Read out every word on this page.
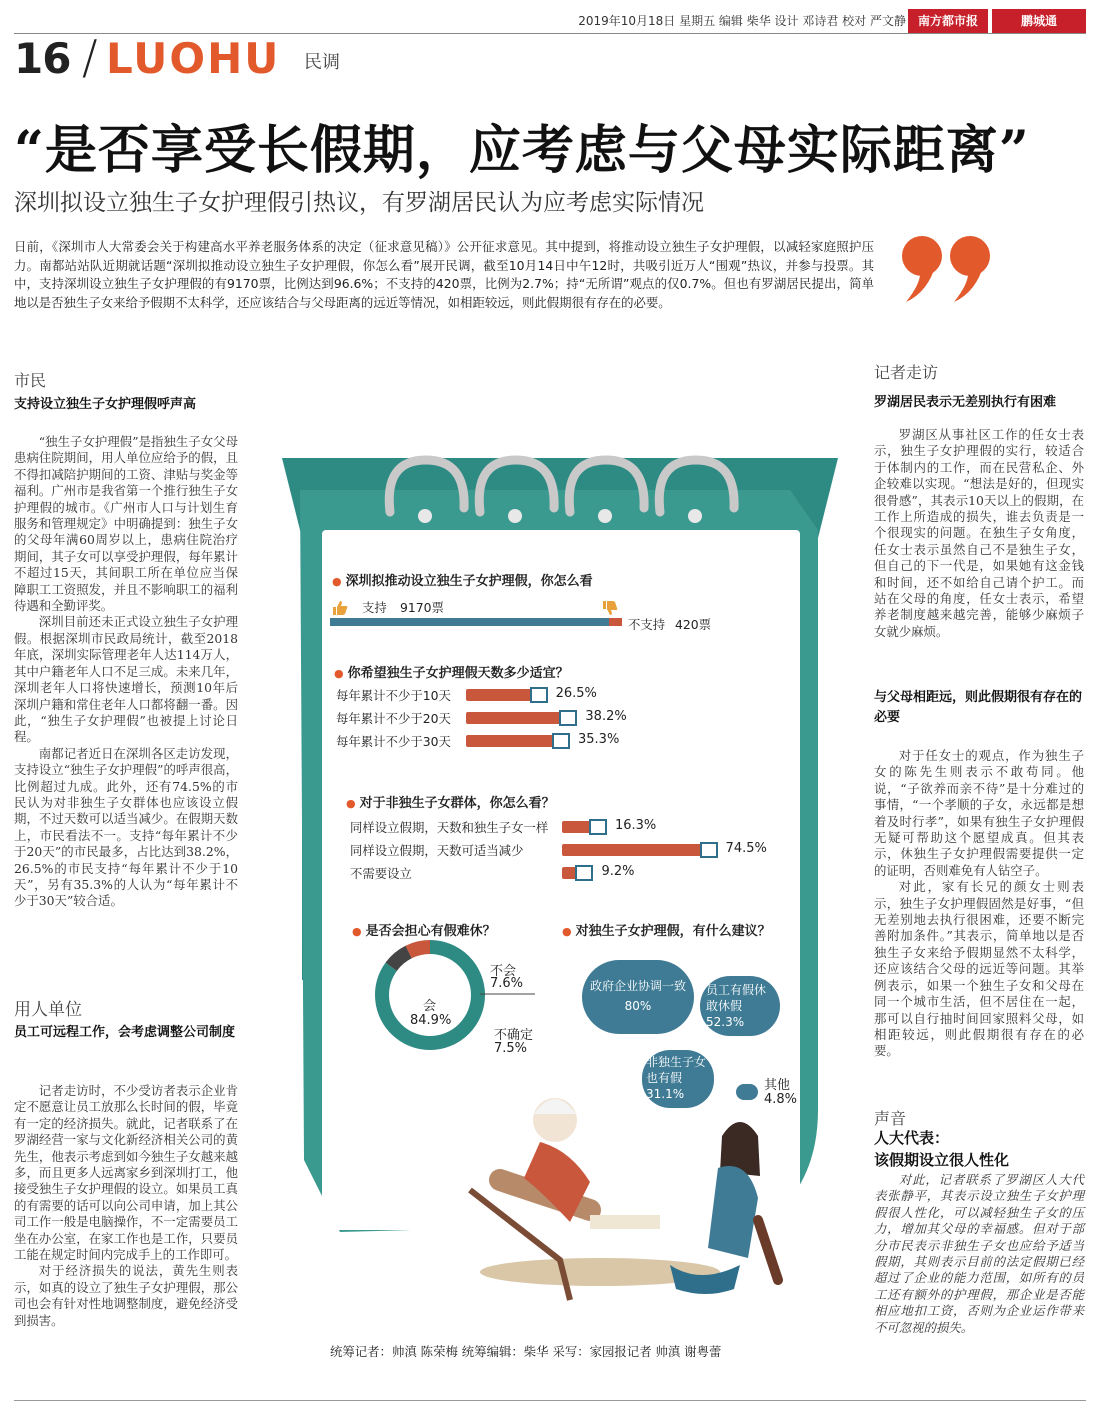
2019年10月18日 星期五 编辑 柴华 设计 邓诗君 校对 严文静 南方都市报	鹏城通
16 / LUOHU 民调
“是否享受长假期，应考虑与父母实际距离”
深圳拟设立独生子女护理假引热议，有罗湖居民认为应考虑实际情况

日前，《深圳市人大常委会关于构建高水平养老服务体系的决定（征求意见稿）》公开征求意见。其中提到，将推动设立独生子女护理假，以减轻家庭照护压力。南都站站队近期就话题“深圳拟推动设立独生子女护理假，你怎么看”展开民调，截至10月14日中午12时，共吸引近万人“围观”热议，并参与投票。其中，支持深圳设立独生子女护理假的有9170票，比例达到96.6%；不支持的420票，比例为2.7%；持“无所谓”观点的仅0.7%。但也有罗湖居民提出，简单地以是否独生子女来给予假期不太科学，还应该结合与父母距离的远近等情况，如相距较远，则此假期很有存在的必要。

市民
支持设立独生子女护理假呼声高

“独生子女护理假”是指独生子女父母患病住院期间，用人单位应给予的假，且不得扣减陪护期间的工资、津贴与奖金等福利。广州市是我省第一个推行独生子女护理假的城市。《广州市人口与计划生育服务和管理规定》中明确提到：独生子女的父母年满60周岁以上，患病住院治疗期间，其子女可以享受护理假，每年累计不超过15天，其间职工所在单位应当保障职工工资照发，并且不影响职工的福利待遇和全勤评奖。

深圳目前还未正式设立独生子女护理假。根据深圳市民政局统计，截至2018年底，深圳实际管理老年人达114万人，其中户籍老年人口不足三成。未来几年，深圳老年人口将快速增长，预测10年后深圳户籍和常住老年人口都将翻一番。因此，“独生子女护理假”也被提上讨论日程。

南都记者近日在深圳各区走访发现，支持设立“独生子女护理假”的呼声很高，比例超过九成。此外，还有74.5%的市民认为对非独生子女群体也应该设立假期，不过天数可以适当减少。在假期天数上，市民看法不一。支持“每年累计不少于20天”的市民最多，占比达到38.2%，26.5%的市民支持“每年累计不少于10天”，另有35.3%的人认为“每年累计不少于30天”较合适。

用人单位
员工可远程工作，会考虑调整公司制度

记者走访时，不少受访者表示企业肯定不愿意让员工放那么长时间的假，毕竟有一定的经济损失。就此，记者联系了在罗湖经营一家与文化新经济相关公司的黄先生，他表示考虑到如今独生子女越来越多，而且更多人远离家乡到深圳打工，他接受独生子女护理假的设立。如果员工真的有需要的话可以向公司申请，加上其公司工作一般是电脑操作，不一定需要员工坐在办公室，在家工作也是工作，只要员工能在规定时间内完成手上的工作即可。

对于经济损失的说法，黄先生则表示，如真的设立了独生子女护理假，那公司也会有针对性地调整制度，避免经济受到损害。

记者走访
罗湖居民表示无差别执行有困难

罗湖区从事社区工作的任女士表示，独生子女护理假的实行，较适合于体制内的工作，而在民营私企、外企较难以实现。“想法是好的，但现实很骨感”，其表示10天以上的假期，在工作上所造成的损失，谁去负责是一个很现实的问题。在独生子女角度，任女士表示虽然自己不是独生子女，但自己的下一代是，如果她有这金钱和时间，还不如给自己请个护工。而站在父母的角度，任女士表示，希望养老制度越来越完善，能够少麻烦子女就少麻烦。

与父母相距远，则此假期很有存在的必要

对于任女士的观点，作为独生子女的陈先生则表示不敢苟同。他说，“子欲养而亲不待”是十分难过的事情，“一个孝顺的子女，永远都是想着及时行孝”，如果有独生子女护理假无疑可帮助这个愿望成真。但其表示，休独生子女护理假需要提供一定的证明，否则难免有人钻空子。

对此，家有长兄的颜女士则表示，独生子女护理假固然是好事，“但无差别地去执行很困难，还要不断完善附加条件。”其表示，简单地以是否独生子女来给予假期显然不太科学，还应该结合父母的远近等问题。其举例表示，如果一个独生子女和父母在同一个城市生活，但不居住在一起，那可以自行抽时间回家照料父母，如相距较远，则此假期很有存在的必要。

声音
人大代表：
该假期设立很人性化

对此，记者联系了罗湖区人大代表张静平，其表示设立独生子女护理假很人性化，可以减轻独生子女的压力，增加其父母的幸福感。但对于部分市民表示非独生子女也应给予适当假期，其则表示目前的法定假期已经超过了企业的能力范围，如所有的员工还有额外的护理假，那企业是否能相应地扣工资，否则为企业运作带来不可忽视的损失。

● 深圳拟推动设立独生子女护理假，你怎么看
支持 9170票
不支持 420票
● 你希望独生子女护理假天数多少适宜？
● 对于非独生子女群体，你怎么看？
● 是否会担心有假难休？
会
84.9%
不会
7.6%
不确定
7.5%
● 对独生子女护理假，有什么建议？
政府企业协调一致
80%
员工有假休敢休假
52.3%
非独生子女也有假
31.1%
其他
4.8%
每年累计不少于10天	26.5%
每年累计不少于20天	38.2%
每年累计不少于30天	35.3%
同样设立假期，天数和独生子女一样	16.3%
同样设立假期，天数可适当减少	74.5%
不需要设立	9.2%
统筹记者：帅滇 陈荣梅 统筹编辑：柴华 采写：家园报记者 帅滇 谢粤蕾
